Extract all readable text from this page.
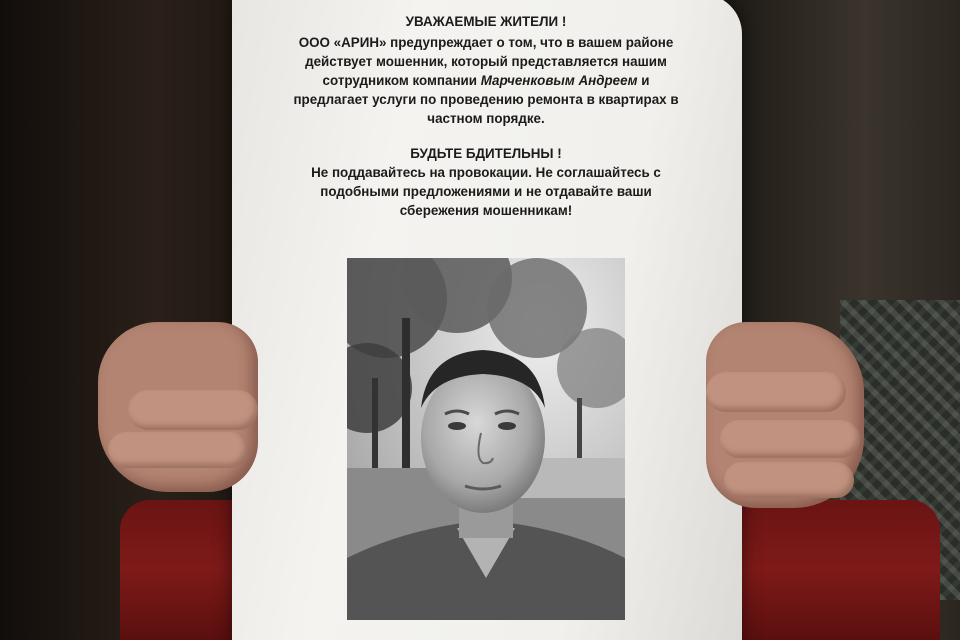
УВАЖАЕМЫЕ ЖИТЕЛИ !

ООО «АРИН» предупреждает о том, что в вашем районе

действует мошенник, который представляется нашим

сотрудником компании Марченковым Андреем и

предлагает услуги по проведению ремонта в квартирах в

частном порядке.

БУДЬТЕ БДИТЕЛЬНЫ !

Не поддавайтесь на провокации. Не соглашайтесь с

подобными предложениями и не отдавайте ваши

сбережения мошенникам!
